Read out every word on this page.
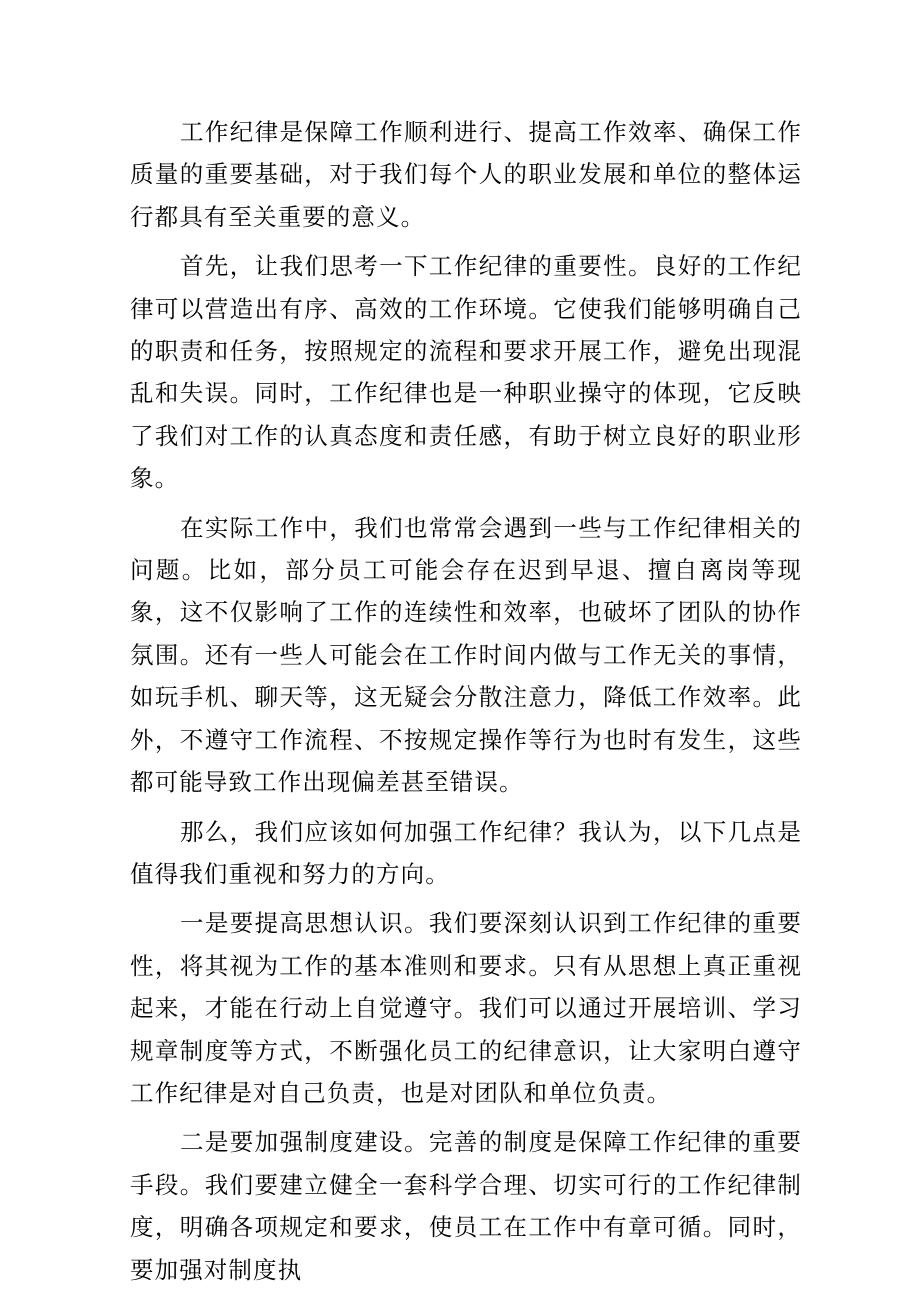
工作纪律是保障工作顺利进行、提高工作效率、确保工作质量的重要基础，对于我们每个人的职业发展和单位的整体运行都具有至关重要的意义。

首先，让我们思考一下工作纪律的重要性。良好的工作纪律可以营造出有序、高效的工作环境。它使我们能够明确自己的职责和任务，按照规定的流程和要求开展工作，避免出现混乱和失误。同时，工作纪律也是一种职业操守的体现，它反映了我们对工作的认真态度和责任感，有助于树立良好的职业形象。

在实际工作中，我们也常常会遇到一些与工作纪律相关的问题。比如，部分员工可能会存在迟到早退、擅自离岗等现象，这不仅影响了工作的连续性和效率，也破坏了团队的协作氛围。还有一些人可能会在工作时间内做与工作无关的事情，如玩手机、聊天等，这无疑会分散注意力，降低工作效率。此外，不遵守工作流程、不按规定操作等行为也时有发生，这些都可能导致工作出现偏差甚至错误。

那么，我们应该如何加强工作纪律？我认为，以下几点是值得我们重视和努力的方向。

一是要提高思想认识。我们要深刻认识到工作纪律的重要性，将其视为工作的基本准则和要求。只有从思想上真正重视起来，才能在行动上自觉遵守。我们可以通过开展培训、学习规章制度等方式，不断强化员工的纪律意识，让大家明白遵守工作纪律是对自己负责，也是对团队和单位负责。

二是要加强制度建设。完善的制度是保障工作纪律的重要手段。我们要建立健全一套科学合理、切实可行的工作纪律制度，明确各项规定和要求，使员工在工作中有章可循。同时，要加强对制度执
